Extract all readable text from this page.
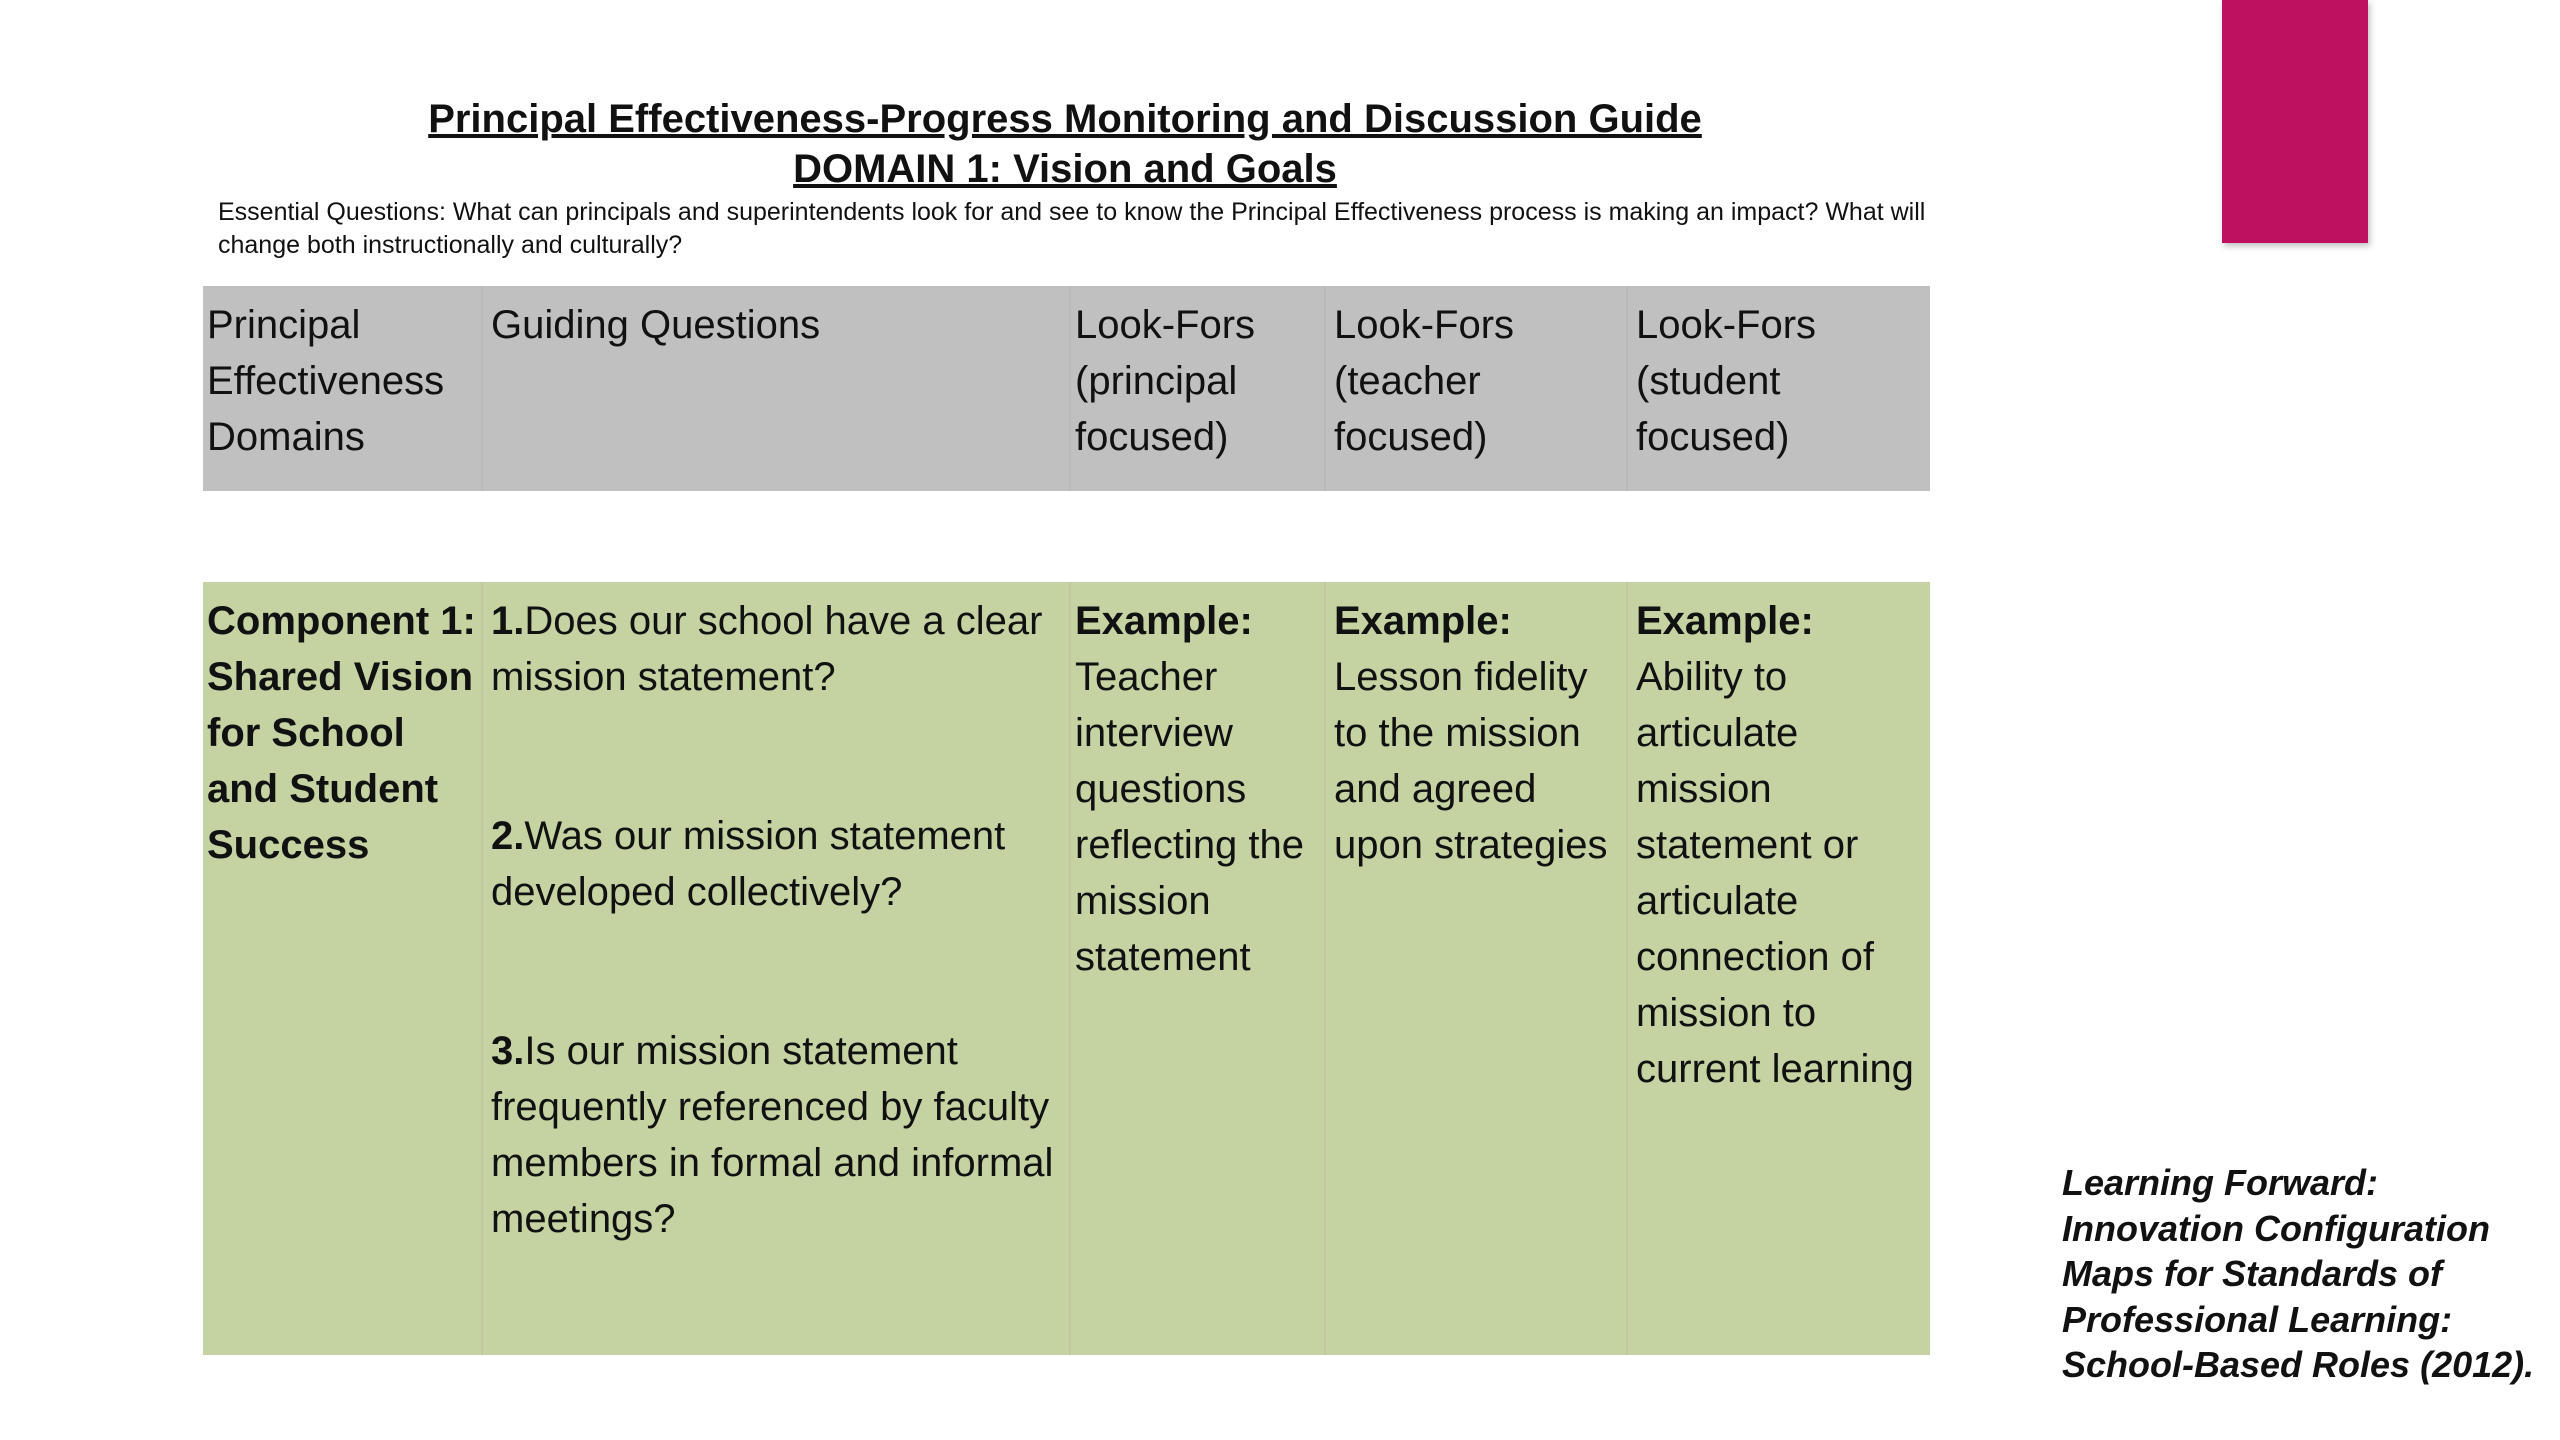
Principal Effectiveness-Progress Monitoring and Discussion Guide
DOMAIN 1: Vision and Goals
Essential Questions: What can principals and superintendents look for and see to know the Principal Effectiveness process is making an impact? What will change both instructionally and culturally?
Principal Effectiveness Domains
Guiding Questions	Look-Fors (principal focused)
Look-Fors (teacher focused)
Look-Fors (student focused)
Component 1: Shared Vision for School and Student Success
1.Does our school have a clear mission statement?
2.Was our mission statement developed collectively?
3.Is our mission statement frequently referenced by faculty members in formal and informal meetings?
Example:
Teacher interview questions reflecting the mission statement
Example:
Lesson fidelity to the mission and agreed upon strategies
Example:
Ability to articulate mission statement or articulate connection of mission to current learning
Learning Forward: Innovation Configuration Maps for Standards of Professional Learning: School-Based Roles (2012).
